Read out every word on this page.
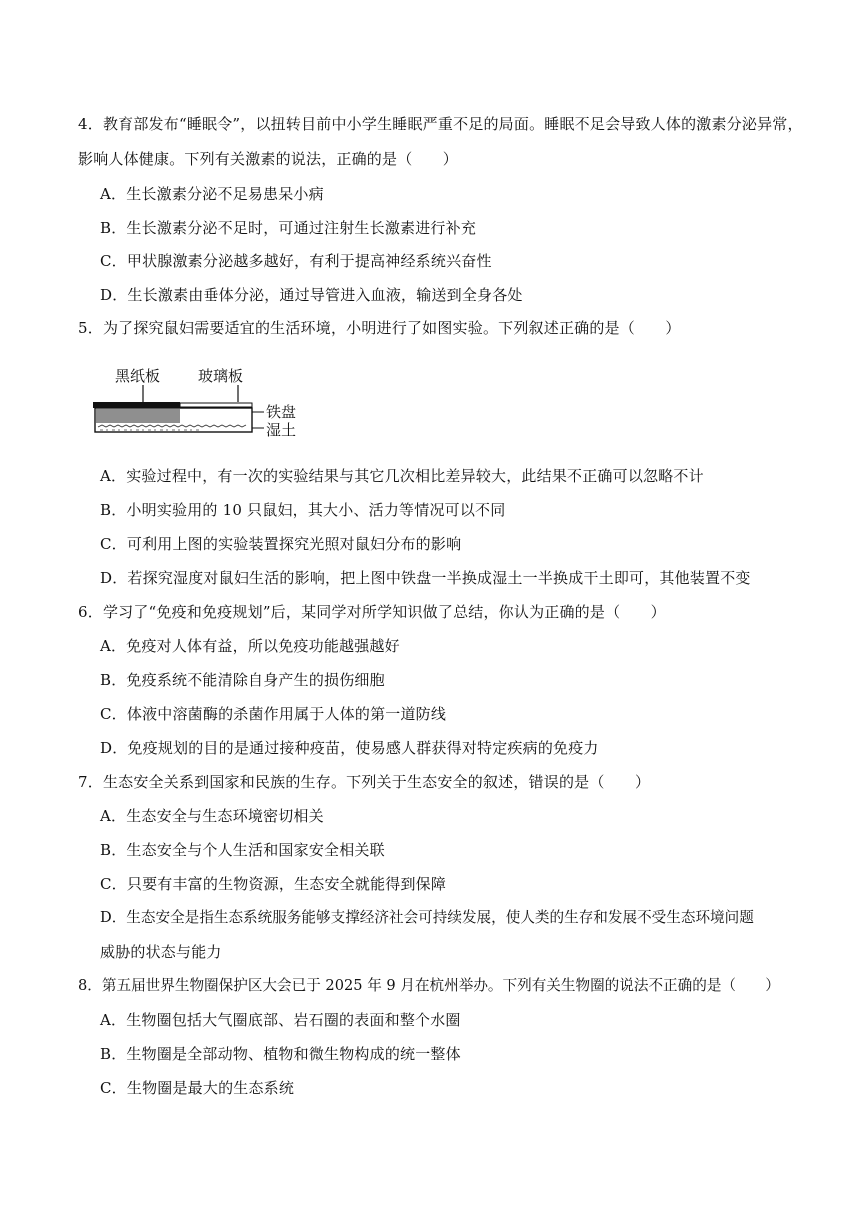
4．教育部发布“睡眠令”，以扭转目前中小学生睡眠严重不足的局面。睡眠不足会导致人体的激素分泌异常，
影响人体健康。下列有关激素的说法，正确的是（　　）
A．生长激素分泌不足易患呆小病
B．生长激素分泌不足时，可通过注射生长激素进行补充
C．甲状腺激素分泌越多越好，有利于提高神经系统兴奋性
D．生长激素由垂体分泌，通过导管进入血液，输送到全身各处
5．为了探究鼠妇需要适宜的生活环境，小明进行了如图实验。下列叙述正确的是（　　）
黑纸板	玻璃板
铁盘
湿土
A．实验过程中，有一次的实验结果与其它几次相比差异较大，此结果不正确可以忽略不计
B．小明实验用的 10 只鼠妇，其大小、活力等情况可以不同
C．可利用上图的实验装置探究光照对鼠妇分布的影响
D．若探究湿度对鼠妇生活的影响，把上图中铁盘一半换成湿土一半换成干土即可，其他装置不变
6．学习了“免疫和免疫规划”后，某同学对所学知识做了总结，你认为正确的是（　　）
A．免疫对人体有益，所以免疫功能越强越好
B．免疫系统不能清除自身产生的损伤细胞
C．体液中溶菌酶的杀菌作用属于人体的第一道防线
D．免疫规划的目的是通过接种疫苗，使易感人群获得对特定疾病的免疫力
7．生态安全关系到国家和民族的生存。下列关于生态安全的叙述，错误的是（　　）
A．生态安全与生态环境密切相关
B．生态安全与个人生活和国家安全相关联
C．只要有丰富的生物资源，生态安全就能得到保障
D．生态安全是指生态系统服务能够支撑经济社会可持续发展，使人类的生存和发展不受生态环境问题
威胁的状态与能力
8．第五届世界生物圈保护区大会已于 2025 年 9 月在杭州举办。下列有关生物圈的说法不正确的是（　　）
A．生物圈包括大气圈底部、岩石圈的表面和整个水圈
B．生物圈是全部动物、植物和微生物构成的统一整体
C．生物圈是最大的生态系统
